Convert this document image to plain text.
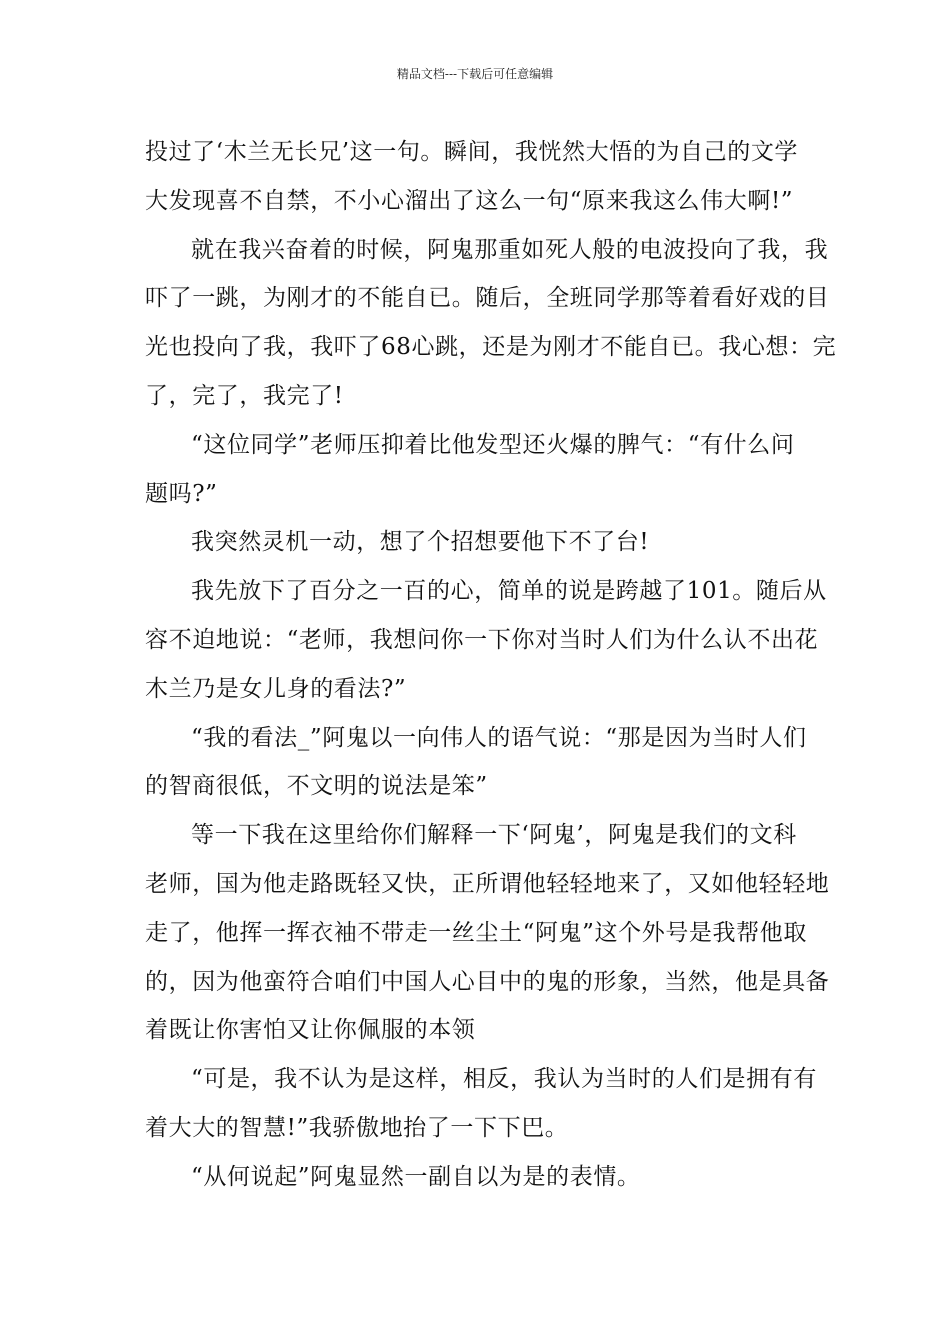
精品文档---下载后可任意编辑
投过了‘木兰无长兄’这一句。瞬间，我恍然大悟的为自己的文学
大发现喜不自禁，不小心溜出了这么一句“原来我这么伟大啊!”
就在我兴奋着的时候，阿鬼那重如死人般的电波投向了我，我
吓了一跳，为刚才的不能自已。随后，全班同学那等着看好戏的目
光也投向了我，我吓了68心跳，还是为刚才不能自已。我心想：完
了，完了，我完了!
“这位同学”老师压抑着比他发型还火爆的脾气：“有什么问
题吗?”
我突然灵机一动，想了个招想要他下不了台!
我先放下了百分之一百的心，简单的说是跨越了101。随后从
容不迫地说：“老师，我想问你一下你对当时人们为什么认不出花
木兰乃是女儿身的看法?”
“我的看法_”阿鬼以一向伟人的语气说：“那是因为当时人们
的智商很低，不文明的说法是笨”
等一下我在这里给你们解释一下‘阿鬼’，阿鬼是我们的文科
老师，国为他走路既轻又快，正所谓他轻轻地来了，又如他轻轻地
走了，他挥一挥衣袖不带走一丝尘土“阿鬼”这个外号是我帮他取
的，因为他蛮符合咱们中国人心目中的鬼的形象，当然，他是具备
着既让你害怕又让你佩服的本领
“可是，我不认为是这样，相反，我认为当时的人们是拥有有
着大大的智慧!”我骄傲地抬了一下下巴。
“从何说起”阿鬼显然一副自以为是的表情。
